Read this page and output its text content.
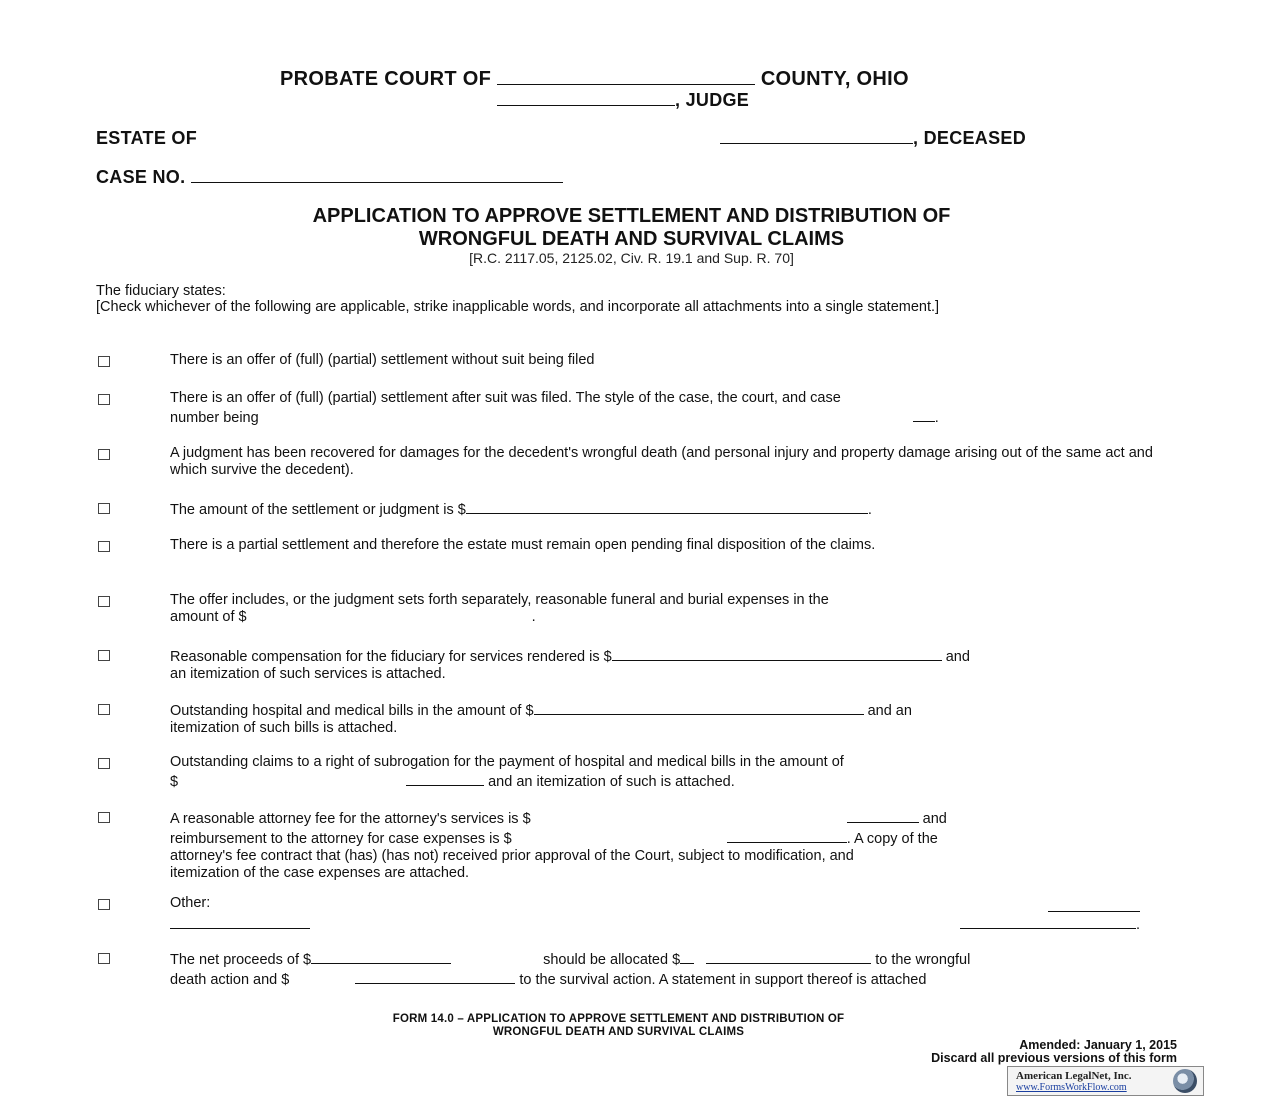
PROBATE COURT OF	COUNTY, OHIO
, JUDGE
ESTATE OF	, DECEASED
CASE NO.
APPLICATION TO APPROVE SETTLEMENT AND DISTRIBUTION OF
WRONGFUL DEATH AND SURVIVAL CLAIMS
[R.C. 2117.05, 2125.02, Civ. R. 19.1 and Sup. R. 70]
The fiduciary states:
[Check whichever of the following are applicable, strike inapplicable words, and incorporate all attachments into a single statement.]
There is an offer of (full) (partial) settlement without suit being filed
There is an offer of (full) (partial) settlement after suit was filed. The style of the case, the court, and case
number being	.
A judgment has been recovered for damages for the decedent's wrongful death (and personal injury and property damage arising out of the same act and which survive the decedent).
The amount of the settlement or judgment is $	.
There is a partial settlement and therefore the estate must remain open pending final disposition of the claims.
The offer includes, or the judgment sets forth separately, reasonable funeral and burial expenses in the
amount of $	.
Reasonable compensation for the fiduciary for services rendered is $	and
an itemization of such services is attached.
Outstanding hospital and medical bills in the amount of $	and an
itemization of such bills is attached.
Outstanding claims to a right of subrogation for the payment of hospital and medical bills in the amount of
$	and an itemization of such is attached.
A reasonable attorney fee for the attorney's services is $	and
reimbursement to the attorney for case expenses is $	. A copy of the
attorney's fee contract that (has) (has not) received prior approval of the Court, subject to modification, and
itemization of the case expenses are attached.
Other:
.
The net proceeds of $	should be allocated $	to the wrongful
death action and $	to the survival action. A statement in support thereof is attached
FORM 14.0 – APPLICATION TO APPROVE SETTLEMENT AND DISTRIBUTION OF
WRONGFUL DEATH AND SURVIVAL CLAIMS
Amended: January 1, 2015
Discard all previous versions of this form
American LegalNet, Inc.
www.FormsWorkFlow.com
